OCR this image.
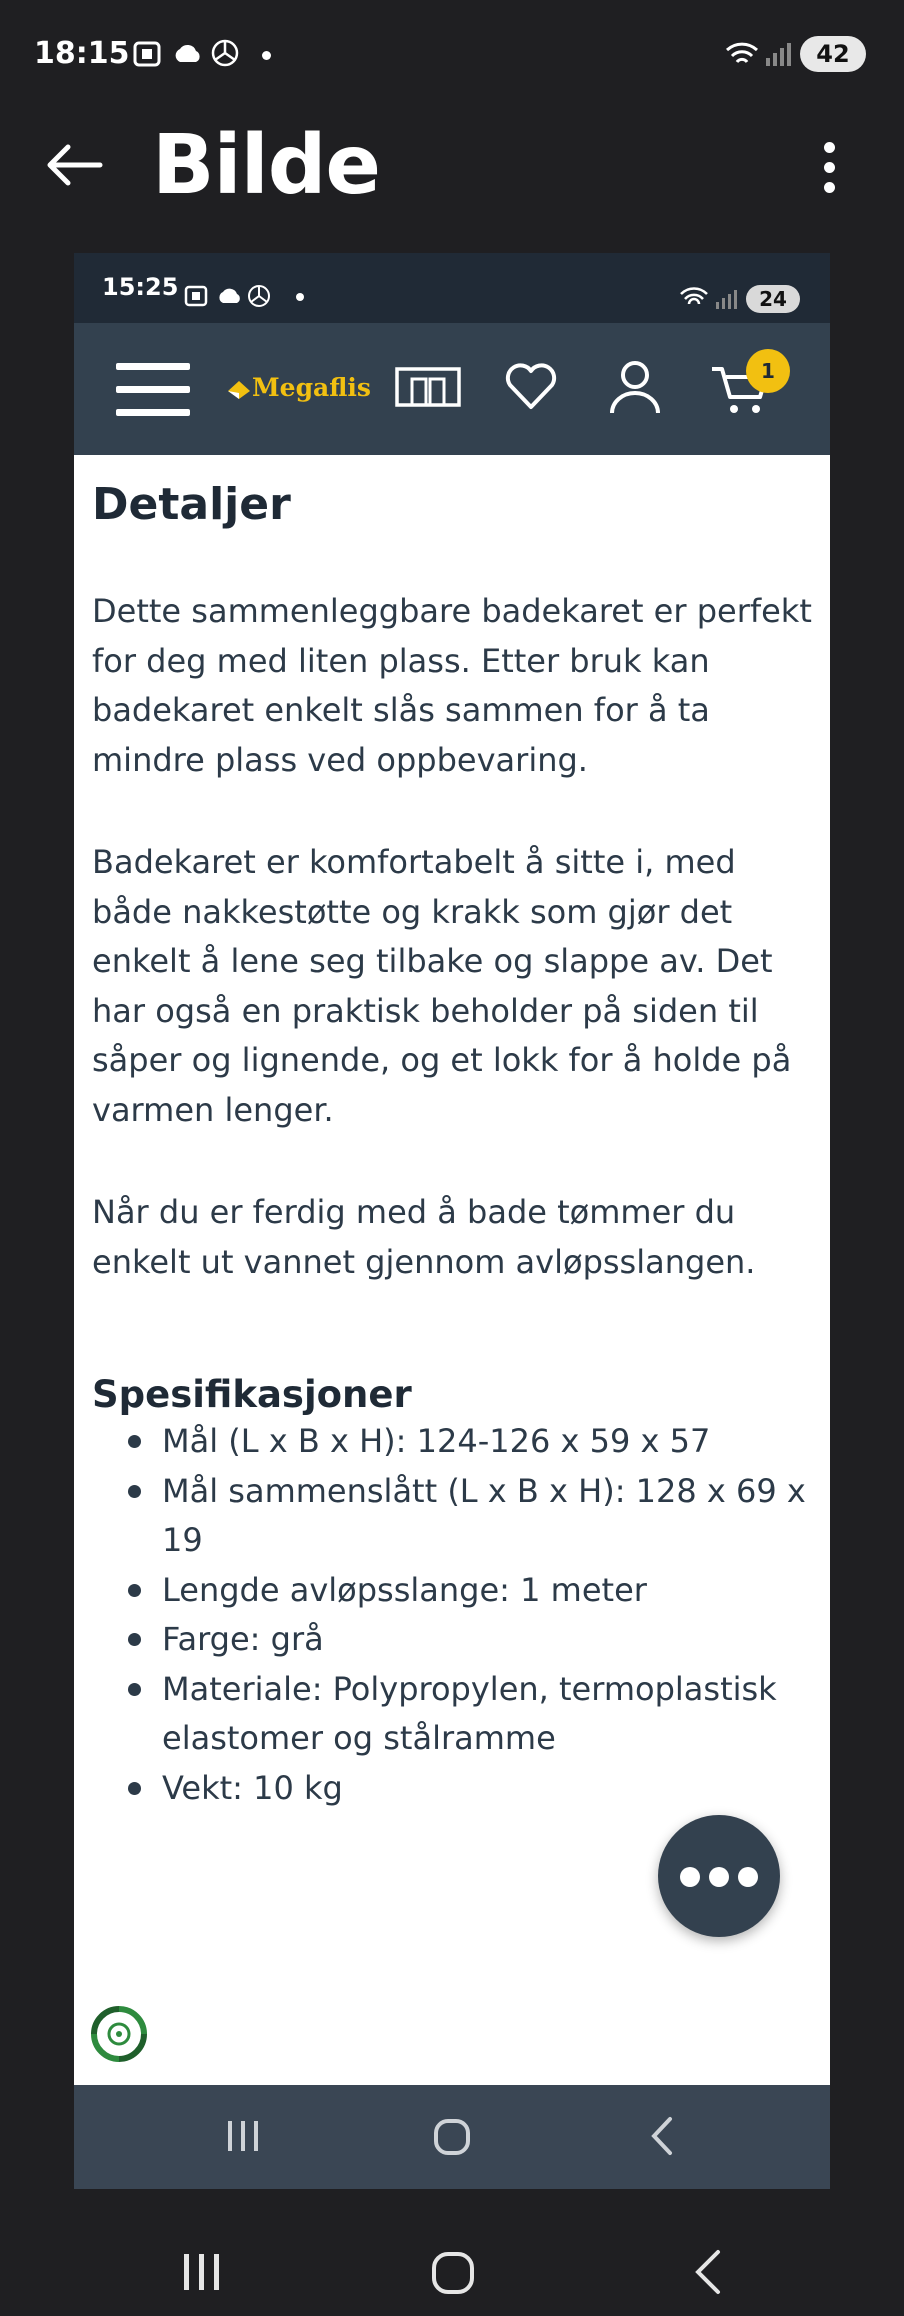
18:15	42
Bilde
15:25	24
Megaflis
1
Detaljer
Dette sammenleggbare badekaret er perfekt for deg med liten plass. Etter bruk kan badekaret enkelt slås sammen for å ta mindre plass ved oppbevaring.
Badekaret er komfortabelt å sitte i, med både nakkestøtte og krakk som gjør det enkelt å lene seg tilbake og slappe av. Det har også en praktisk beholder på siden til såper og lignende, og et lokk for å holde på varmen lenger.
Når du er ferdig med å bade tømmer du enkelt ut vannet gjennom avløpsslangen.
Spesifikasjoner
Mål (L x B x H): 124-126 x 59 x 57
Mål sammenslått (L x B x H): 128 x 69 x 19
Lengde avløpsslange: 1 meter
Farge: grå
Materiale: Polypropylen, termoplastisk elastomer og stålramme
Vekt: 10 kg
